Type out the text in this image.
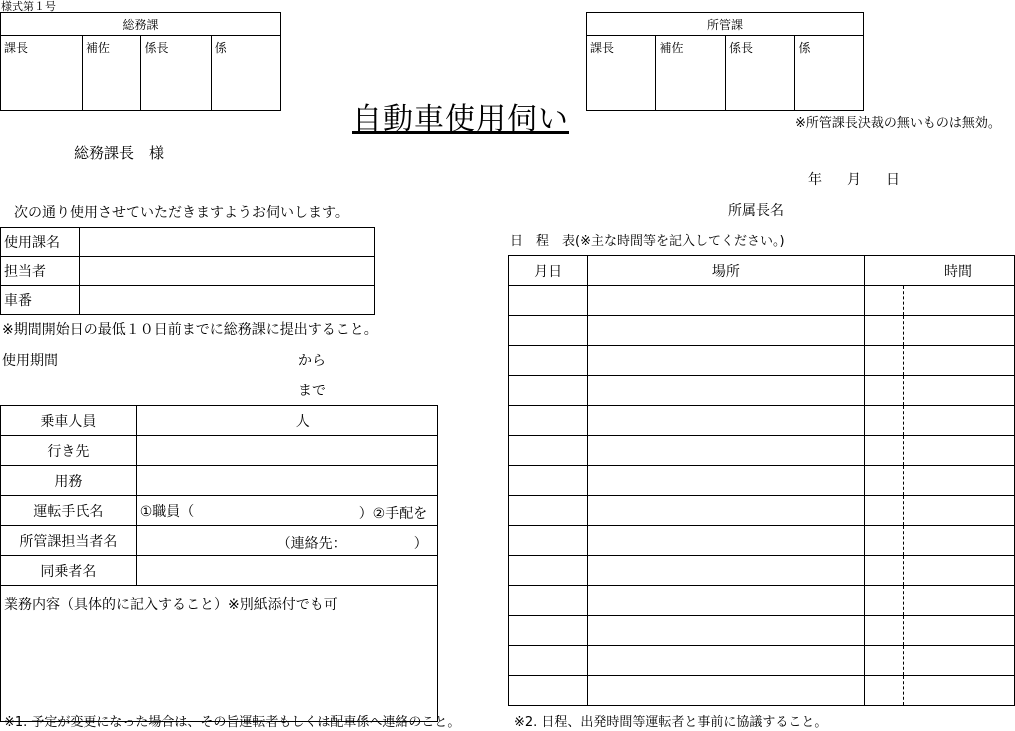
様式第１号
総務課
課長	補佐	係長	係
所管課
課長	補佐	係長	係
自動車使用伺い	※所管課長決裁の無いものは無効。
総務課長　様
年 月 日
次の通り使用させていただきますようお伺いします。	所属長名
使用課名	
担当者	
車番	
※期間開始日の最低１０日前までに総務課に提出すること。
使用期間	から
まで
乗車人員	人
行き先	
用務	
運転手氏名	①職員（ ）②手配を

所管課担当者名	（連絡先： ）

同乗者名	
業務内容（具体的に記入すること）※別紙添付でも可	
日　程　表(※主な時間等を記入してください。)
月日	場所	時間	

※1. 予定が変更になった場合は、その旨運転者もしくは配車係へ連絡のこと。	※2. 日程、出発時間等運転者と事前に協議すること。
